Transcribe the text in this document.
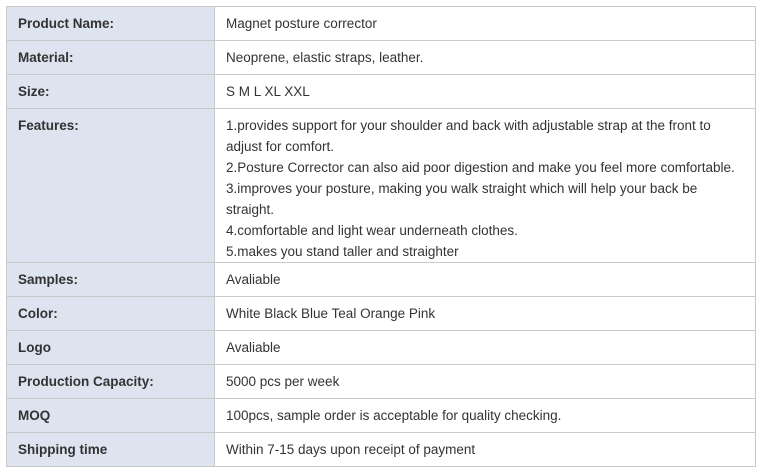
Product Name:	Magnet posture corrector
Material:	Neoprene, elastic straps, leather.
Size:	S M L XL XXL
Features:	1.provides support for your shoulder and back with adjustable strap at the front to adjust for comfort.
2.Posture Corrector can also aid poor digestion and make you feel more comfortable.
3.improves your posture, making you walk straight which will help your back be straight.
4.comfortable and light wear underneath clothes.
5.makes you stand taller and straighter

Samples:	Avaliable
Color:	White Black Blue Teal Orange Pink
Logo	Avaliable
Production Capacity:	5000 pcs per week
MOQ	100pcs, sample order is acceptable for quality checking.
Shipping time	Within 7-15 days upon receipt of payment
